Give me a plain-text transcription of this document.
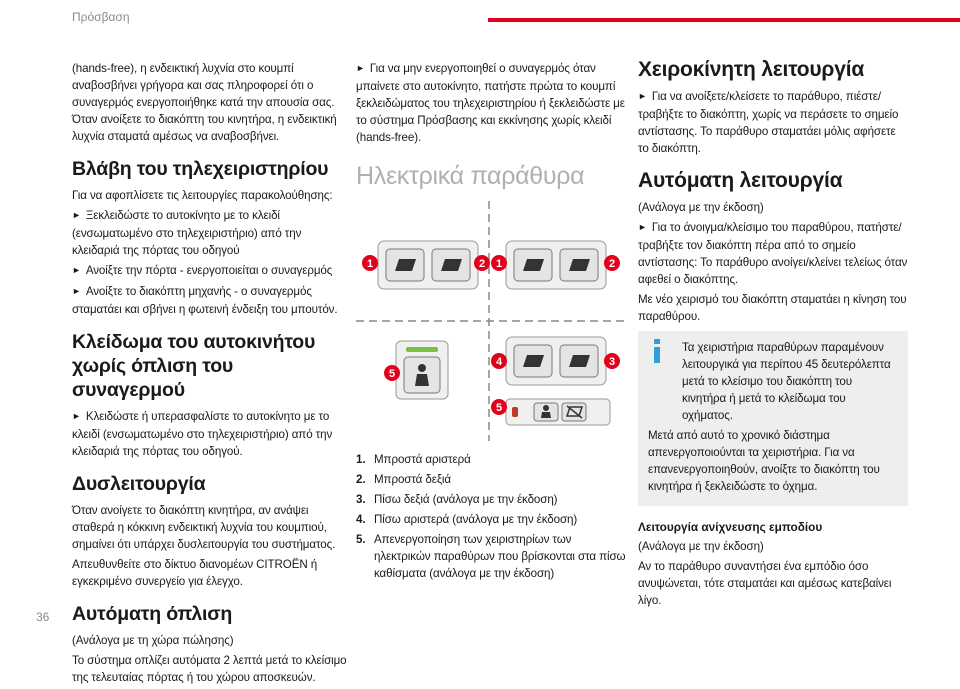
Πρόσβαση

(hands-free), η ενδεικτική λυχνία στο κουμπί αναβοσβήνει γρήγορα και σας πληροφορεί ότι ο συναγερμός ενεργοποιήθηκε κατά την απουσία σας. Όταν ανοίξετε το διακόπτη του κινητήρα, η ενδεικτική λυχνία σταματά αμέσως να αναβοσβήνει.

Βλάβη του τηλεχειριστηρίου

Για να αφοπλίσετε τις λειτουργίες παρακολούθησης:

► Ξεκλειδώστε το αυτοκίνητο με το κλειδί (ενσωματωμένο στο τηλεχειριστήριο) από την κλειδαριά της πόρτας του οδηγού

► Ανοίξτε την πόρτα - ενεργοποιείται ο συναγερμός

► Ανοίξτε το διακόπτη μηχανής - ο συναγερμός σταματάει και σβήνει η φωτεινή ένδειξη του μπουτόν.

Κλείδωμα του αυτοκινήτου χωρίς όπλιση του συναγερμού

► Κλειδώστε ή υπερασφαλίστε το αυτοκίνητο με το κλειδί (ενσωματωμένο στο τηλεχειριστήριο) από την κλειδαριά της πόρτας του οδηγού.

Δυσλειτουργία

Όταν ανοίγετε το διακόπτη κινητήρα, αν ανάψει σταθερά η κόκκινη ενδεικτική λυχνία του κουμπιού, σημαίνει ότι υπάρχει δυσλειτουργία του συστήματος.

Απευθυνθείτε στο δίκτυο διανομέων CITROËN ή εγκεκριμένο συνεργείο για έλεγχο.

Αυτόματη όπλιση

(Ανάλογα με τη χώρα πώλησης)

Το σύστημα οπλίζει αυτόματα 2 λεπτά μετά το κλείσιμο της τελευταίας πόρτας ή του χώρου αποσκευών.

► Για να μην ενεργοποιηθεί ο συναγερμός όταν μπαίνετε στο αυτοκίνητο, πατήστε πρώτα το κουμπί ξεκλειδώματος του τηλεχειριστηρίου ή ξεκλειδώστε με το σύστημα Πρόσβασης και εκκίνησης χωρίς κλειδί (hands-free).

Ηλεκτρικά παράθυρα
1	2 1	2
5
4	3
5

1. Μπροστά αριστερά

2. Μπροστά δεξιά

3. Πίσω δεξιά (ανάλογα με την έκδοση)

4. Πίσω αριστερά (ανάλογα με την έκδοση)

5. Απενεργοποίηση των χειριστηρίων των ηλεκτρικών παραθύρων που βρίσκονται στα πίσω καθίσματα (ανάλογα με την έκδοση)

Χειροκίνητη λειτουργία

► Για να ανοίξετε/κλείσετε το παράθυρο, πιέστε/τραβήξτε το διακόπτη, χωρίς να περάσετε το σημείο αντίστασης. Το παράθυρο σταματάει μόλις αφήσετε το διακόπτη.

Αυτόματη λειτουργία

(Ανάλογα με την έκδοση)

► Για το άνοιγμα/κλείσιμο του παραθύρου, πατήστε/τραβήξτε τον διακόπτη πέρα από το σημείο αντίστασης: Το παράθυρο ανοίγει/κλείνει τελείως όταν αφεθεί ο διακόπτης.

Με νέο χειρισμό του διακόπτη σταματάει η κίνηση του παραθύρου.

Τα χειριστήρια παραθύρων παραμένουν λειτουργικά για περίπου 45 δευτερόλεπτα μετά το κλείσιμο του διακόπτη του κινητήρα ή μετά το κλείδωμα του οχήματος.

Μετά από αυτό το χρονικό διάστημα απενεργοποιούνται τα χειριστήρια. Για να επανενεργοποιηθούν, ανοίξτε το διακόπτη του κινητήρα ή ξεκλειδώστε το όχημα.

Λειτουργία ανίχνευσης εμποδίου

(Ανάλογα με την έκδοση)

Αν το παράθυρο συναντήσει ένα εμπόδιο όσο ανυψώνεται, τότε σταματάει και αμέσως κατεβαίνει λίγο.

36
